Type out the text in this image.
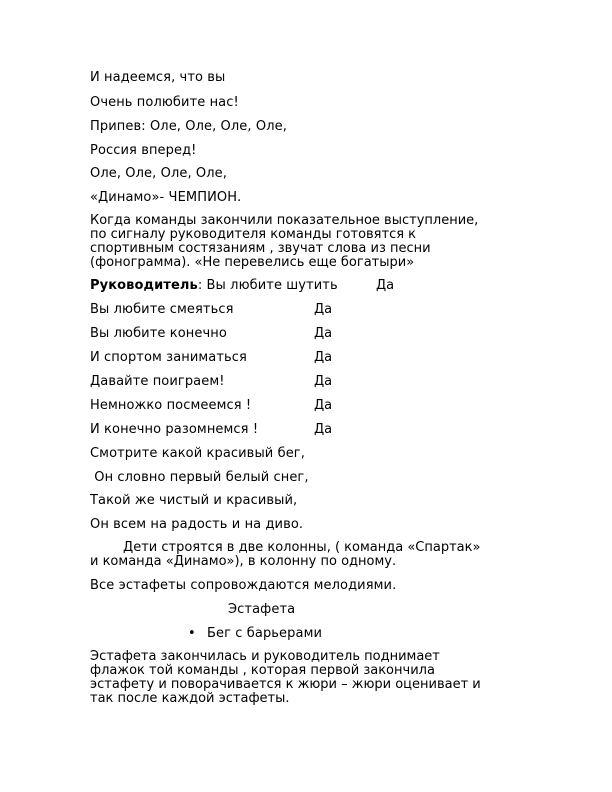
И надеемся, что вы
Очень полюбите нас!
Припев: Оле, Оле, Оле, Оле,
Россия вперед!
Оле, Оле, Оле, Оле,
«Динамо»- ЧЕМПИОН.
Когда команды закончили показательное выступление,
по сигналу руководителя команды готовятся к
спортивным состязаниям , звучат слова из песни
(фонограмма). «Не перевелись еще богатыри»
Руководитель: Вы любите шутить	Да
Вы любите смеяться	Да
Вы любите конечно	Да
И спортом заниматься	Да
Давайте поиграем!	Да
Немножко посмеемся !	Да
И конечно разомнемся !	Да
Смотрите какой красивый бег,
Он словно первый белый снег,
Такой же чистый и красивый,
Он всем на радость и на диво.
Дети строятся в две колонны, ( команда «Спартак»
и команда «Динамо»), в колонну по одному.
Все эстафеты сопровождаются мелодиями.
Эстафета
• Бег с барьерами
Эстафета закончилась и руководитель поднимает
флажок той команды , которая первой закончила
эстафету и поворачивается к жюри – жюри оценивает и
так после каждой эстафеты.
